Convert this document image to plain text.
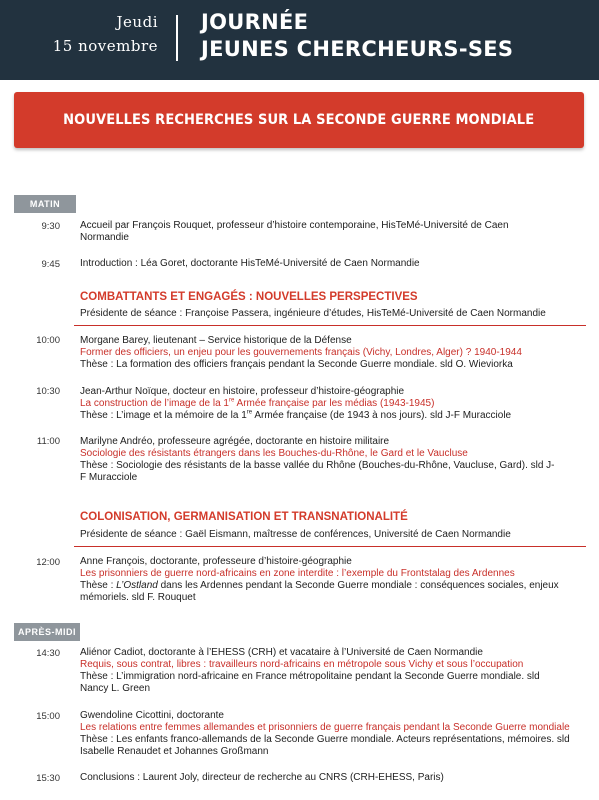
Jeudi
15 novembre
JOURNÉE
JEUNES CHERCHEURS-SES
NOUVELLES RECHERCHES SUR LA SECONDE GUERRE MONDIALE
MATIN
9:30 Accueil par François Rouquet, professeur d’histoire contemporaine, HisTeMé-Université de Caen Normandie

9:45 Introduction : Léa Goret, doctorante HisTeMé-Université de Caen Normandie

COMBATTANTS ET ENGAGÉS : NOUVELLES PERSPECTIVES
Présidente de séance : Françoise Passera, ingénieure d’études, HisTeMé-Université de Caen Normandie
10:00 Morgane Barey, lieutenant – Service historique de la Défense

Former des officiers, un enjeu pour les gouvernements français (Vichy, Londres, Alger) ? 1940-1944

Thèse : La formation des officiers français pendant la Seconde Guerre mondiale. sld O. Wieviorka

10:30 Jean-Arthur Noïque, docteur en histoire, professeur d’histoire-géographie

La construction de l’image de la 1re Armée française par les médias (1943-1945)

Thèse : L’image et la mémoire de la 1re Armée française (de 1943 à nos jours). sld J-F Muracciole

11:00 Marilyne Andréo, professeure agrégée, doctorante en histoire militaire

Sociologie des résistants étrangers dans les Bouches-du-Rhône, le Gard et le Vaucluse

Thèse : Sociologie des résistants de la basse vallée du Rhône (Bouches-du-Rhône, Vaucluse, Gard). sld J-F Muracciole

COLONISATION, GERMANISATION ET TRANSNATIONALITÉ
Présidente de séance : Gaël Eismann, maîtresse de conférences, Université de Caen Normandie
12:00 Anne François, doctorante, professeure d’histoire-géographie

Les prisonniers de guerre nord-africains en zone interdite : l’exemple du Frontstalag des Ardennes

Thèse : L’Ostland dans les Ardennes pendant la Seconde Guerre mondiale : conséquences sociales, enjeux mémoriels. sld F. Rouquet

APRÈS-MIDI
14:30 Aliénor Cadiot, doctorante à l’EHESS (CRH) et vacataire à l’Université de Caen Normandie

Requis, sous contrat, libres : travailleurs nord-africains en métropole sous Vichy et sous l’occupation

Thèse : L’immigration nord-africaine en France métropolitaine pendant la Seconde Guerre mondiale. sld Nancy L. Green

15:00 Gwendoline Cicottini, doctorante

Les relations entre femmes allemandes et prisonniers de guerre français pendant la Seconde Guerre mondiale

Thèse : Les enfants franco-allemands de la Seconde Guerre mondiale. Acteurs représentations, mémoires. sld Isabelle Renaudet et Johannes Großmann

15:30 Conclusions : Laurent Joly, directeur de recherche au CNRS (CRH-EHESS, Paris)
